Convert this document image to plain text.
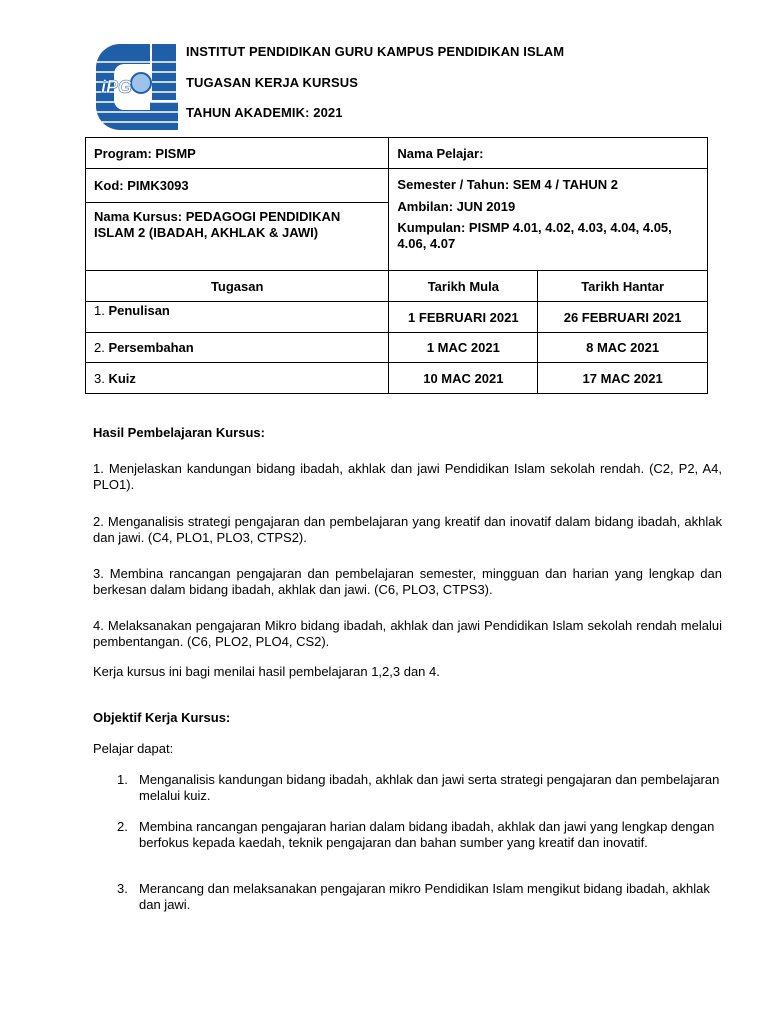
iPG
INSTITUT PENDIDIKAN GURU KAMPUS PENDIDIKAN ISLAM
TUGASAN KERJA KURSUS
TAHUN AKADEMIK: 2021
Program: PISMP	Nama Pelajar:	
Kod: PIMK3093	Semester / Tahun: SEM 4 / TAHUN 2
Ambilan: JUN 2019
Kumpulan: PISMP 4.01, 4.02, 4.03, 4.04, 4.05, 4.06, 4.07	

Nama Kursus: PEDAGOGI PENDIDIKAN ISLAM 2 (IBADAH, AKHLAK & JAWI)		
Tugasan	Tarikh Mula	Tarikh Hantar
1. Penulisan	1 FEBRUARI 2021	26 FEBRUARI 2021
2. Persembahan	1 MAC 2021	8 MAC 2021
3. Kuiz	10 MAC 2021	17 MAC 2021
Hasil Pembelajaran Kursus:
1. Menjelaskan kandungan bidang ibadah, akhlak dan jawi Pendidikan Islam sekolah rendah. (C2, P2, A4, PLO1).
2. Menganalisis strategi pengajaran dan pembelajaran yang kreatif dan inovatif dalam bidang ibadah, akhlak dan jawi. (C4, PLO1, PLO3, CTPS2).
3. Membina rancangan pengajaran dan pembelajaran semester, mingguan dan harian yang lengkap dan berkesan dalam bidang ibadah, akhlak dan jawi. (C6, PLO3, CTPS3).
4. Melaksanakan pengajaran Mikro bidang ibadah, akhlak dan jawi Pendidikan Islam sekolah rendah melalui pembentangan. (C6, PLO2, PLO4, CS2).
Kerja kursus ini bagi menilai hasil pembelajaran 1,2,3 dan 4.
Objektif Kerja Kursus:
Pelajar dapat:
1. Menganalisis kandungan bidang ibadah, akhlak dan jawi serta strategi pengajaran dan pembelajaran melalui kuiz.
2. Membina rancangan pengajaran harian dalam bidang ibadah, akhlak dan jawi yang lengkap dengan berfokus kepada kaedah, teknik pengajaran dan bahan sumber yang kreatif dan inovatif.
3. Merancang dan melaksanakan pengajaran mikro Pendidikan Islam mengikut bidang ibadah, akhlak dan jawi.
